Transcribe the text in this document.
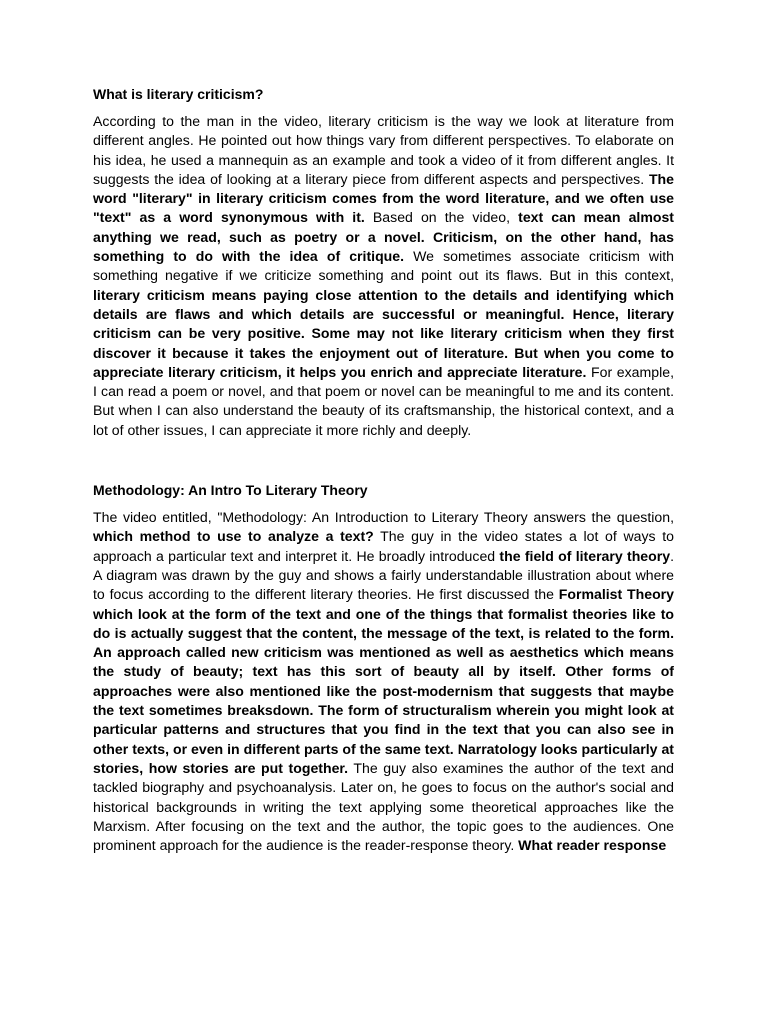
What is literary criticism?

According to the man in the video, literary criticism is the way we look at literature from different angles. He pointed out how things vary from different perspectives. To elaborate on his idea, he used a mannequin as an example and took a video of it from different angles. It suggests the idea of looking at a literary piece from different aspects and perspectives. The word "literary" in literary criticism comes from the word literature, and we often use "text" as a word synonymous with it. Based on the video, text can mean almost anything we read, such as poetry or a novel. Criticism, on the other hand, has something to do with the idea of critique. We sometimes associate criticism with something negative if we criticize something and point out its flaws. But in this context, literary criticism means paying close attention to the details and identifying which details are flaws and which details are successful or meaningful. Hence, literary criticism can be very positive. Some may not like literary criticism when they first discover it because it takes the enjoyment out of literature. But when you come to appreciate literary criticism, it helps you enrich and appreciate literature. For example, I can read a poem or novel, and that poem or novel can be meaningful to me and its content. But when I can also understand the beauty of its craftsmanship, the historical context, and a lot of other issues, I can appreciate it more richly and deeply.

Methodology: An Intro To Literary Theory

The video entitled, "Methodology: An Introduction to Literary Theory answers the question, which method to use to analyze a text? The guy in the video states a lot of ways to approach a particular text and interpret it. He broadly introduced the field of literary theory. A diagram was drawn by the guy and shows a fairly understandable illustration about where to focus according to the different literary theories. He first discussed the Formalist Theory which look at the form of the text and one of the things that formalist theories like to do is actually suggest that the content, the message of the text, is related to the form. An approach called new criticism was mentioned as well as aesthetics which means the study of beauty; text has this sort of beauty all by itself. Other forms of approaches were also mentioned like the post-modernism that suggests that maybe the text sometimes breaksdown. The form of structuralism wherein you might look at particular patterns and structures that you find in the text that you can also see in other texts, or even in different parts of the same text. Narratology looks particularly at stories, how stories are put together. The guy also examines the author of the text and tackled biography and psychoanalysis. Later on, he goes to focus on the author's social and historical backgrounds in writing the text applying some theoretical approaches like the Marxism. After focusing on the text and the author, the topic goes to the audiences. One prominent approach for the audience is the reader-response theory. What reader response
